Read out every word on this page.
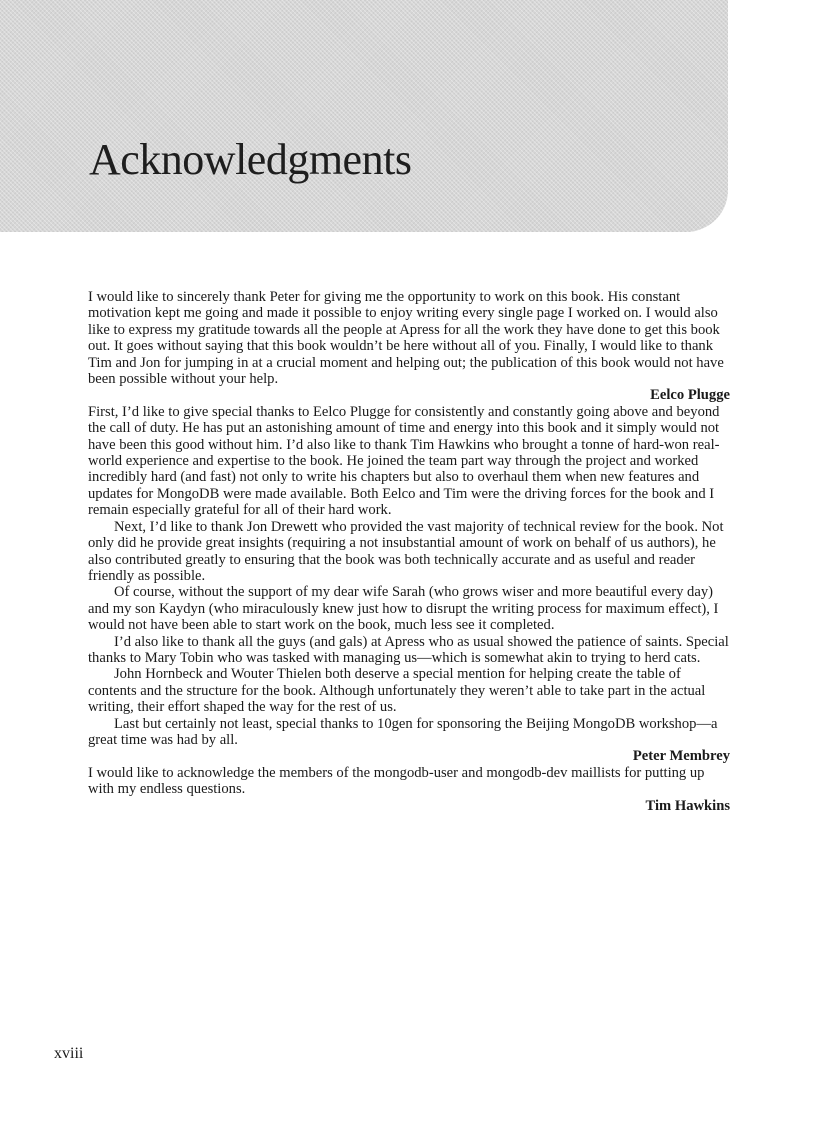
Acknowledgments

I would like to sincerely thank Peter for giving me the opportunity to work on this book. His constant motivation kept me going and made it possible to enjoy writing every single page I worked on. I would also like to express my gratitude towards all the people at Apress for all the work they have done to get this book out. It goes without saying that this book wouldn’t be here without all of you. Finally, I would like to thank Tim and Jon for jumping in at a crucial moment and helping out; the publication of this book would not have been possible without your help.

Eelco Plugge

First, I’d like to give special thanks to Eelco Plugge for consistently and constantly going above and beyond the call of duty. He has put an astonishing amount of time and energy into this book and it simply would not have been this good without him. I’d also like to thank Tim Hawkins who brought a tonne of hard-won real-world experience and expertise to the book. He joined the team part way through the project and worked incredibly hard (and fast) not only to write his chapters but also to overhaul them when new features and updates for MongoDB were made available. Both Eelco and Tim were the driving forces for the book and I remain especially grateful for all of their hard work.

Next, I’d like to thank Jon Drewett who provided the vast majority of technical review for the book. Not only did he provide great insights (requiring a not insubstantial amount of work on behalf of us authors), he also contributed greatly to ensuring that the book was both technically accurate and as useful and reader friendly as possible.

Of course, without the support of my dear wife Sarah (who grows wiser and more beautiful every day) and my son Kaydyn (who miraculously knew just how to disrupt the writing process for maximum effect), I would not have been able to start work on the book, much less see it completed.

I’d also like to thank all the guys (and gals) at Apress who as usual showed the patience of saints. Special thanks to Mary Tobin who was tasked with managing us—which is somewhat akin to trying to herd cats.

John Hornbeck and Wouter Thielen both deserve a special mention for helping create the table of contents and the structure for the book. Although unfortunately they weren’t able to take part in the actual writing, their effort shaped the way for the rest of us.

Last but certainly not least, special thanks to 10gen for sponsoring the Beijing MongoDB workshop—a great time was had by all.

Peter Membrey

I would like to acknowledge the members of the mongodb-user and mongodb-dev maillists for putting up with my endless questions.

Tim Hawkins

xviii
